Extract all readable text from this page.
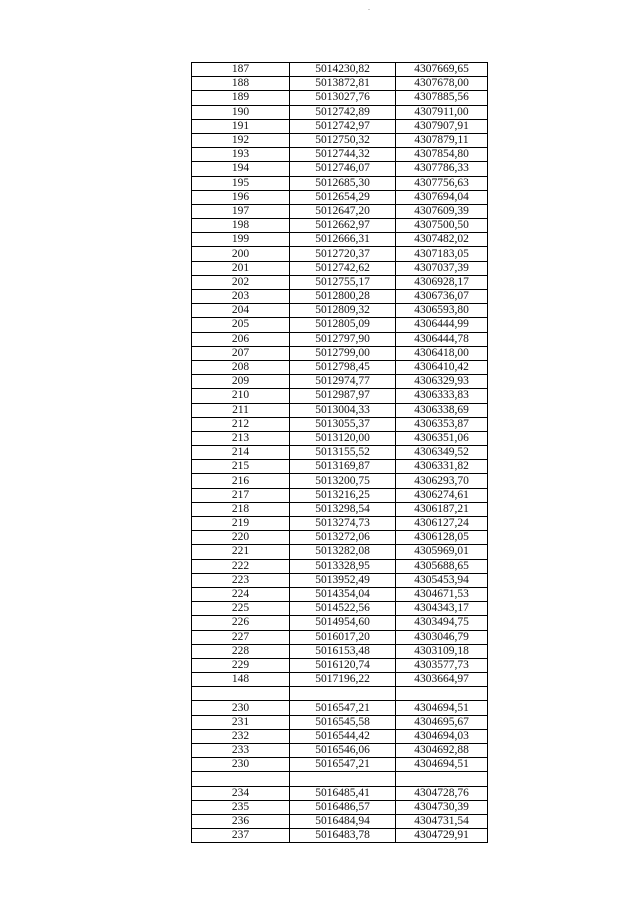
187	5014230,82	4307669,65
188	5013872,81	4307678,00
189	5013027,76	4307885,56
190	5012742,89	4307911,00
191	5012742,97	4307907,91
192	5012750,32	4307879,11
193	5012744,32	4307854,80
194	5012746,07	4307786,33
195	5012685,30	4307756,63
196	5012654,29	4307694,04
197	5012647,20	4307609,39
198	5012662,97	4307500,50
199	5012666,31	4307482,02
200	5012720,37	4307183,05
201	5012742,62	4307037,39
202	5012755,17	4306928,17
203	5012800,28	4306736,07
204	5012809,32	4306593,80
205	5012805,09	4306444,99
206	5012797,90	4306444,78
207	5012799,00	4306418,00
208	5012798,45	4306410,42
209	5012974,77	4306329,93
210	5012987,97	4306333,83
211	5013004,33	4306338,69
212	5013055,37	4306353,87
213	5013120,00	4306351,06
214	5013155,52	4306349,52
215	5013169,87	4306331,82
216	5013200,75	4306293,70
217	5013216,25	4306274,61
218	5013298,54	4306187,21
219	5013274,73	4306127,24
220	5013272,06	4306128,05
221	5013282,08	4305969,01
222	5013328,95	4305688,65
223	5013952,49	4305453,94
224	5014354,04	4304671,53
225	5014522,56	4304343,17
226	5014954,60	4303494,75
227	5016017,20	4303046,79
228	5016153,48	4303109,18
229	5016120,74	4303577,73
148	5017196,22	4303664,97

230	5016547,21	4304694,51
231	5016545,58	4304695,67
232	5016544,42	4304694,03
233	5016546,06	4304692,88
230	5016547,21	4304694,51

234	5016485,41	4304728,76
235	5016486,57	4304730,39
236	5016484,94	4304731,54
237	5016483,78	4304729,91
